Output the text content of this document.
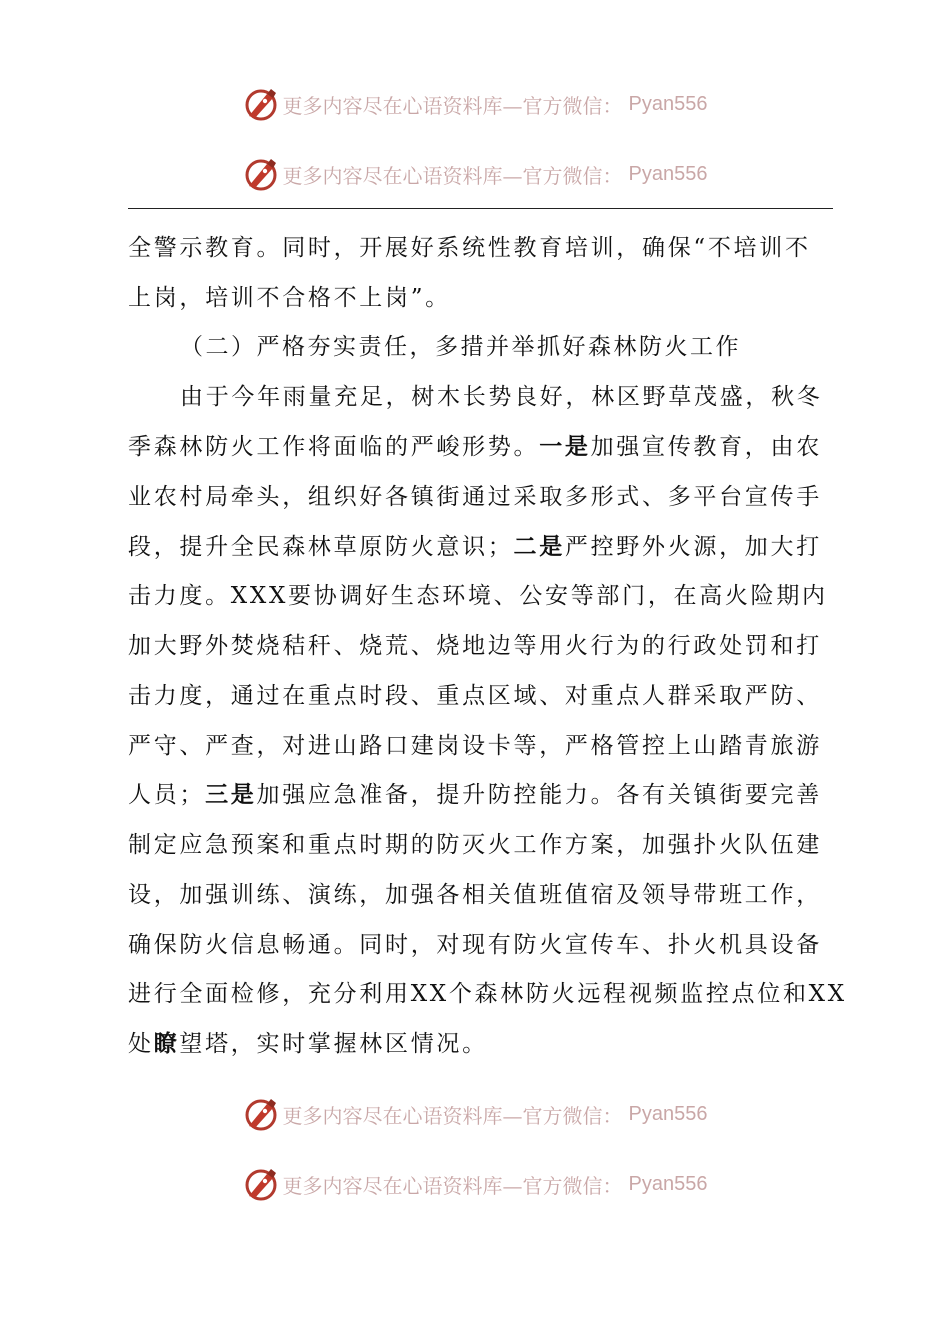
更多内容尽在心语资料库—官方微信： Pyan556
更多内容尽在心语资料库—官方微信： Pyan556
全警示教育。同时，开展好系统性教育培训，确保“不培训不
上岗，培训不合格不上岗”。
（二）严格夯实责任，多措并举抓好森林防火工作
由于今年雨量充足，树木长势良好，林区野草茂盛，秋冬
季森林防火工作将面临的严峻形势。一是加强宣传教育，由农
业农村局牵头，组织好各镇街通过采取多形式、多平台宣传手
段，提升全民森林草原防火意识；二是严控野外火源，加大打
击力度。XXX要协调好生态环境、公安等部门，在高火险期内
加大野外焚烧秸秆、烧荒、烧地边等用火行为的行政处罚和打
击力度，通过在重点时段、重点区域、对重点人群采取严防、
严守、严查，对进山路口建岗设卡等，严格管控上山踏青旅游
人员；三是加强应急准备，提升防控能力。各有关镇街要完善
制定应急预案和重点时期的防灭火工作方案，加强扑火队伍建
设，加强训练、演练，加强各相关值班值宿及领导带班工作，
确保防火信息畅通。同时，对现有防火宣传车、扑火机具设备
进行全面检修，充分利用XX个森林防火远程视频监控点位和XX
处瞭望塔，实时掌握林区情况。
更多内容尽在心语资料库—官方微信： Pyan556
更多内容尽在心语资料库—官方微信： Pyan556
